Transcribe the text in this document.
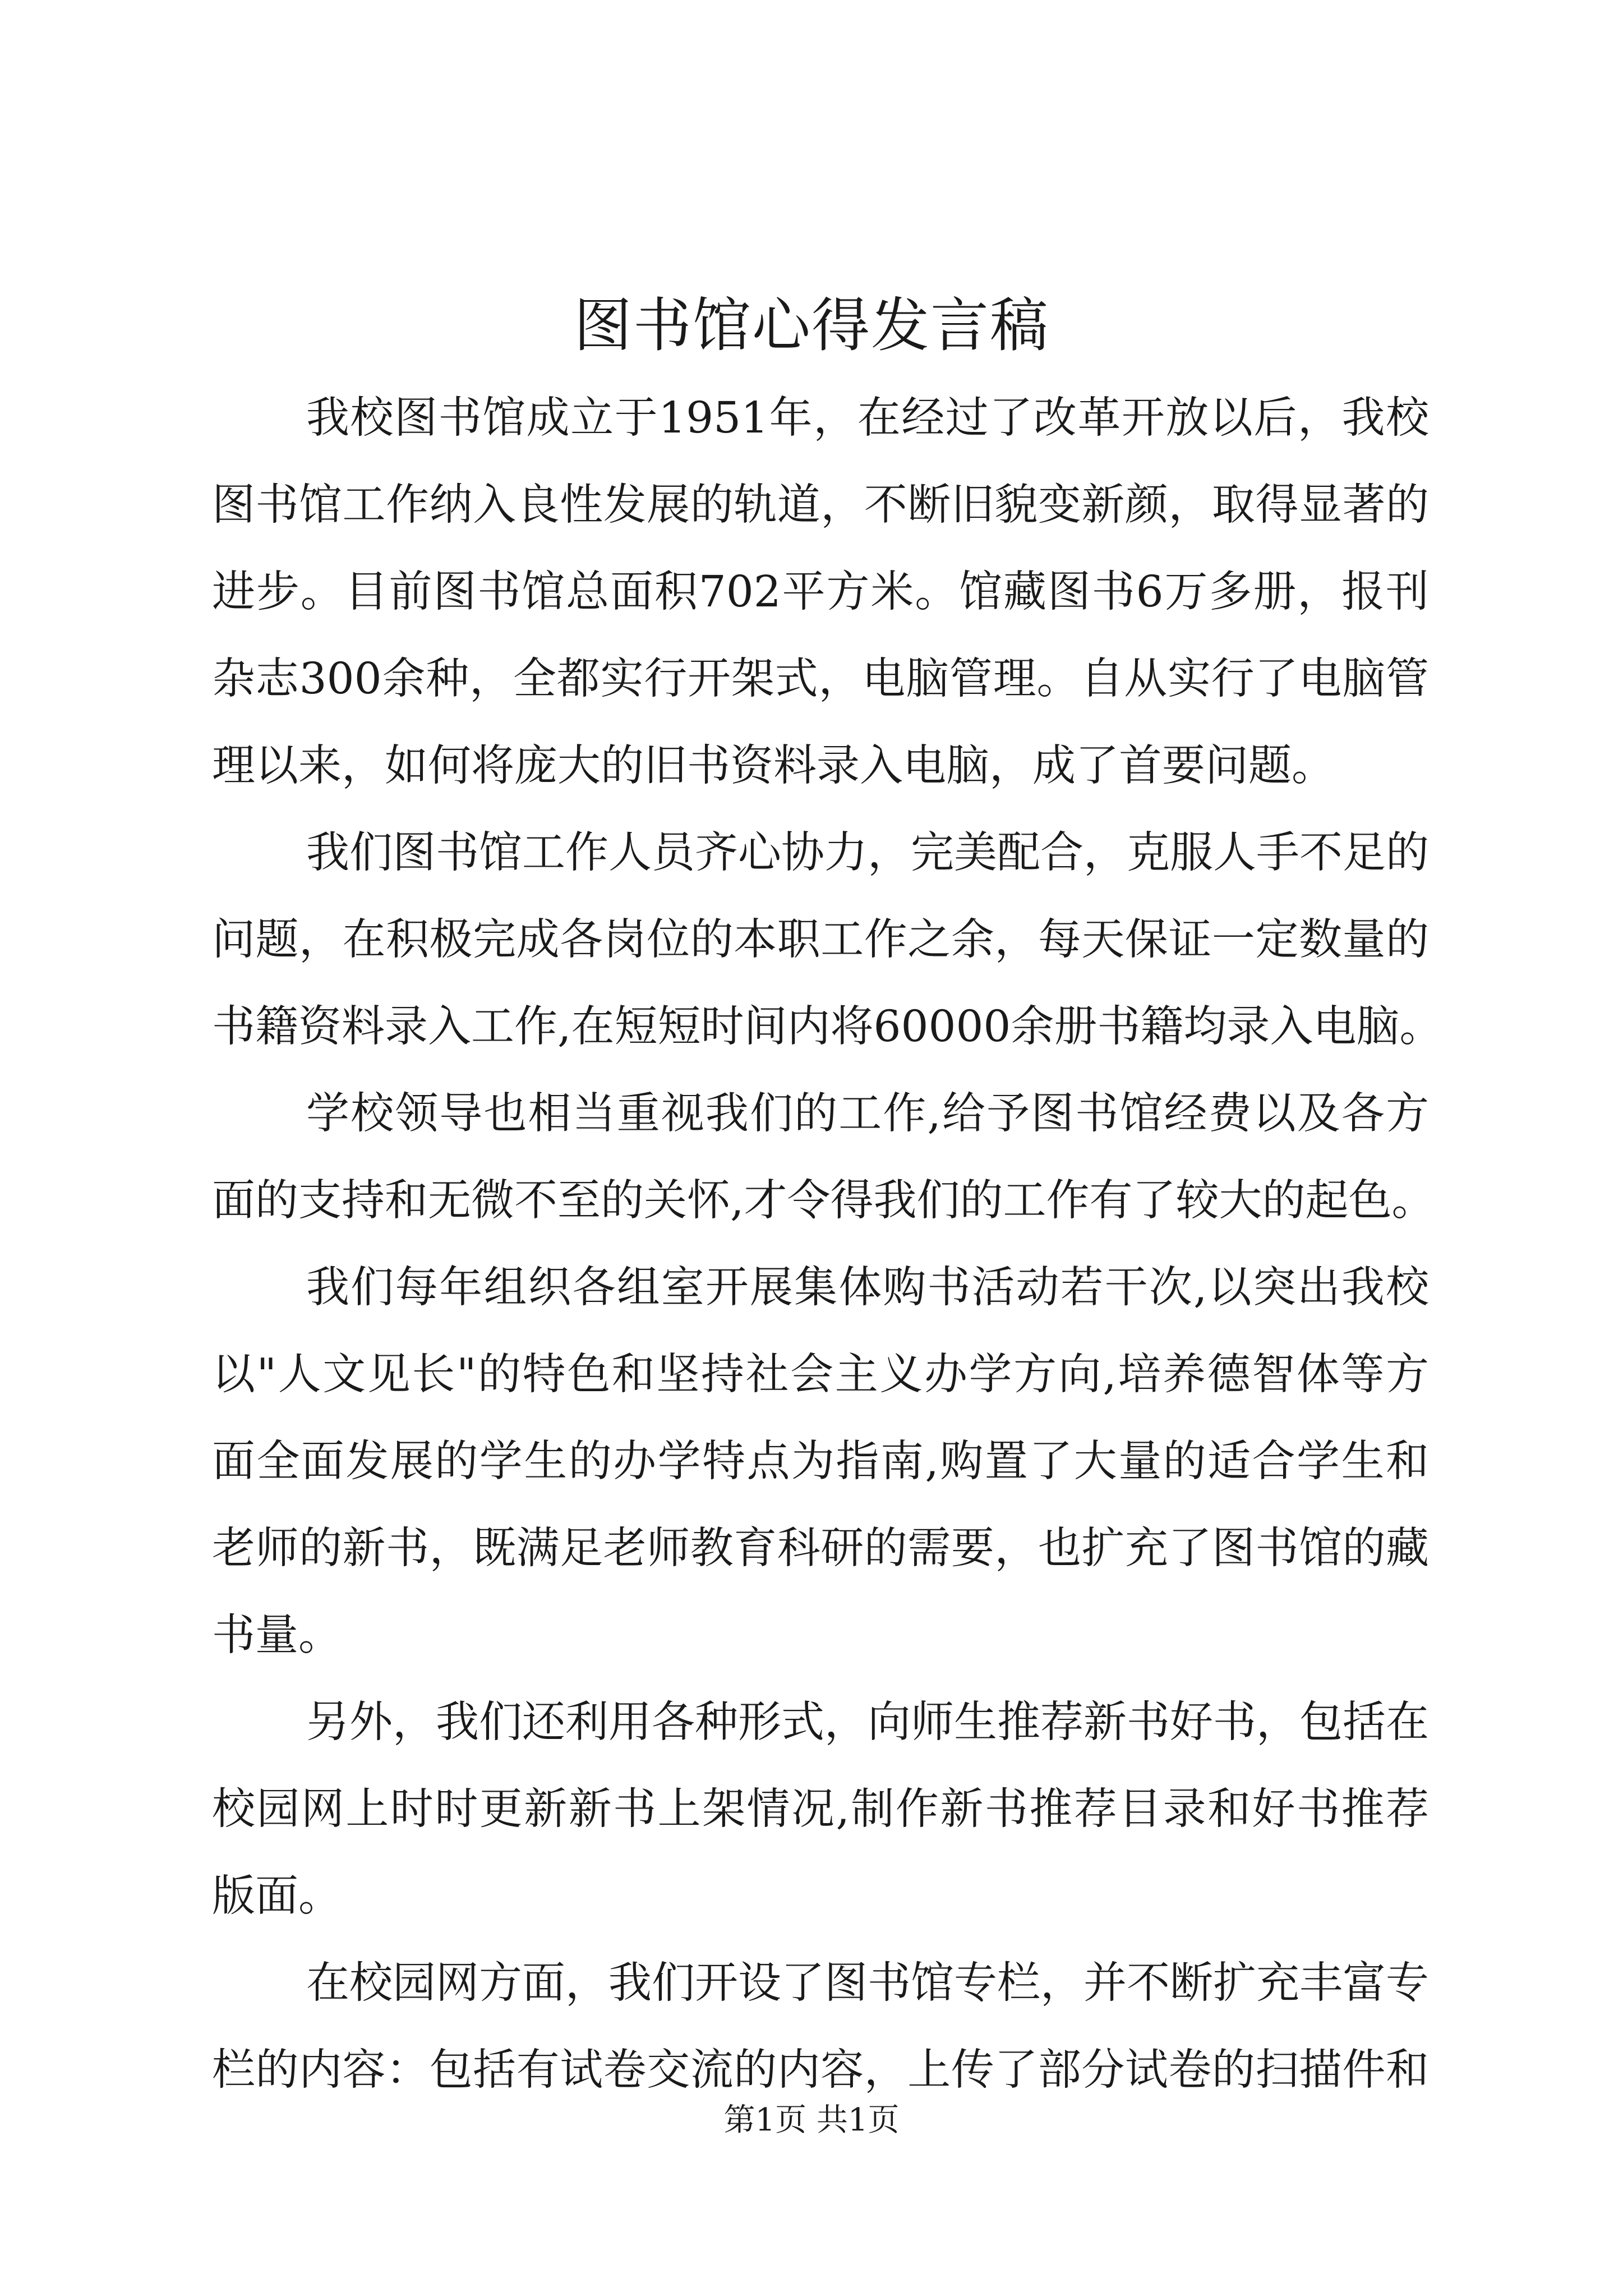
图书馆心得发言稿
我校图书馆成立于1951年，在经过了改革开放以后，我校
图书馆工作纳入良性发展的轨道，不断旧貌变新颜，取得显著的
进步。目前图书馆总面积702平方米。馆藏图书6万多册，报刊
杂志300余种，全都实行开架式，电脑管理。自从实行了电脑管
理以来，如何将庞大的旧书资料录入电脑，成了首要问题。
我们图书馆工作人员齐心协力，完美配合，克服人手不足的
问题，在积极完成各岗位的本职工作之余，每天保证一定数量的
书籍资料录入工作,在短短时间内将60000余册书籍均录入电脑。
学校领导也相当重视我们的工作,给予图书馆经费以及各方
面的支持和无微不至的关怀,才令得我们的工作有了较大的起色。
我们每年组织各组室开展集体购书活动若干次,以突出我校
以"人文见长"的特色和坚持社会主义办学方向,培养德智体等方
面全面发展的学生的办学特点为指南,购置了大量的适合学生和
老师的新书，既满足老师教育科研的需要，也扩充了图书馆的藏
书量。
另外，我们还利用各种形式，向师生推荐新书好书，包括在
校园网上时时更新新书上架情况,制作新书推荐目录和好书推荐
版面。
在校园网方面，我们开设了图书馆专栏，并不断扩充丰富专
栏的内容：包括有试卷交流的内容，上传了部分试卷的扫描件和
第1页 共1页
